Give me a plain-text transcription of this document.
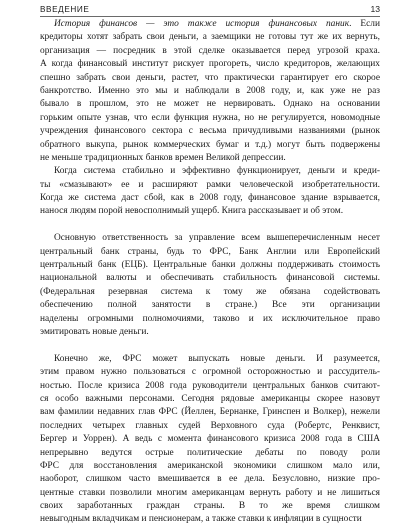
ВВЕДЕНИЕ	13
История финансов — это также история финансовых паник. Если
кредиторы хотят забрать свои деньги, а заемщики не готовы тут же их вернуть,
организация — посредник в этой сделке оказывается перед угрозой краха.
А когда финансовый институт рискует прогореть, число кредиторов, желающих
спешно забрать свои деньги, растет, что практически гарантирует его скорое
банкротство. Именно это мы и наблюдали в 2008 году, и, как уже не раз
бывало в прошлом, это не может не нервировать. Однако на основании
горьким опыте узнав, что если функция нужна, но не регулируется, новомодные
учреждения финансового сектора с весьма причудливыми названиями (рынок
обратного выкупа, рынок коммерческих бумаг и т.д.) могут быть подвержены
не меньше традиционных банков времен Великой депрессии.
Когда система стабильно и эффективно функционирует, деньги и креди-
ты «смазывают» ее и расширяют рамки человеческой изобретательности.
Когда же система даст сбой, как в 2008 году, финансовое здание взрывается,
нанося людям порой невосполнимый ущерб. Книга рассказывает и об этом.
Основную ответственность за управление всем вышеперечисленным несет
центральный банк страны, будь то ФРС, Банк Англии или Европейский
центральный банк (ЕЦБ). Центральные банки должны поддерживать стоимость
национальной валюты и обеспечивать стабильность финансовой системы.
(Федеральная резервная система к тому же обязана содействовать
обеспечению полной занятости в стране.) Все эти организации
наделены огромными полномочиями, таково и их исключительное право
эмитировать новые деньги.
Конечно же, ФРС может выпускать новые деньги. И разумеется,
этим правом нужно пользоваться с огромной осторожностью и рассудитель-
ностью. После кризиса 2008 года руководители центральных банков считают-
ся особо важными персонами. Сегодня рядовые американцы скорее назовут
вам фамилии недавних глав ФРС (Йеллен, Бернанке, Гринспен и Волкер), нежели
последних четырех главных судей Верховного суда (Робертс, Ренквист,
Бергер и Уоррен). А ведь с момента финансового кризиса 2008 года в США
непрерывно ведутся острые политические дебаты по поводу роли
ФРС для восстановления американской экономики слишком мало или,
наоборот, слишком часто вмешивается в ее дела. Безусловно, низкие про-
центные ставки позволили многим американцам вернуть работу и не лишиться
своих заработанных граждан страны. В то же время слишком
невыгодным вкладчикам и пенсионерам, а также ставки к инфляции в сущности
